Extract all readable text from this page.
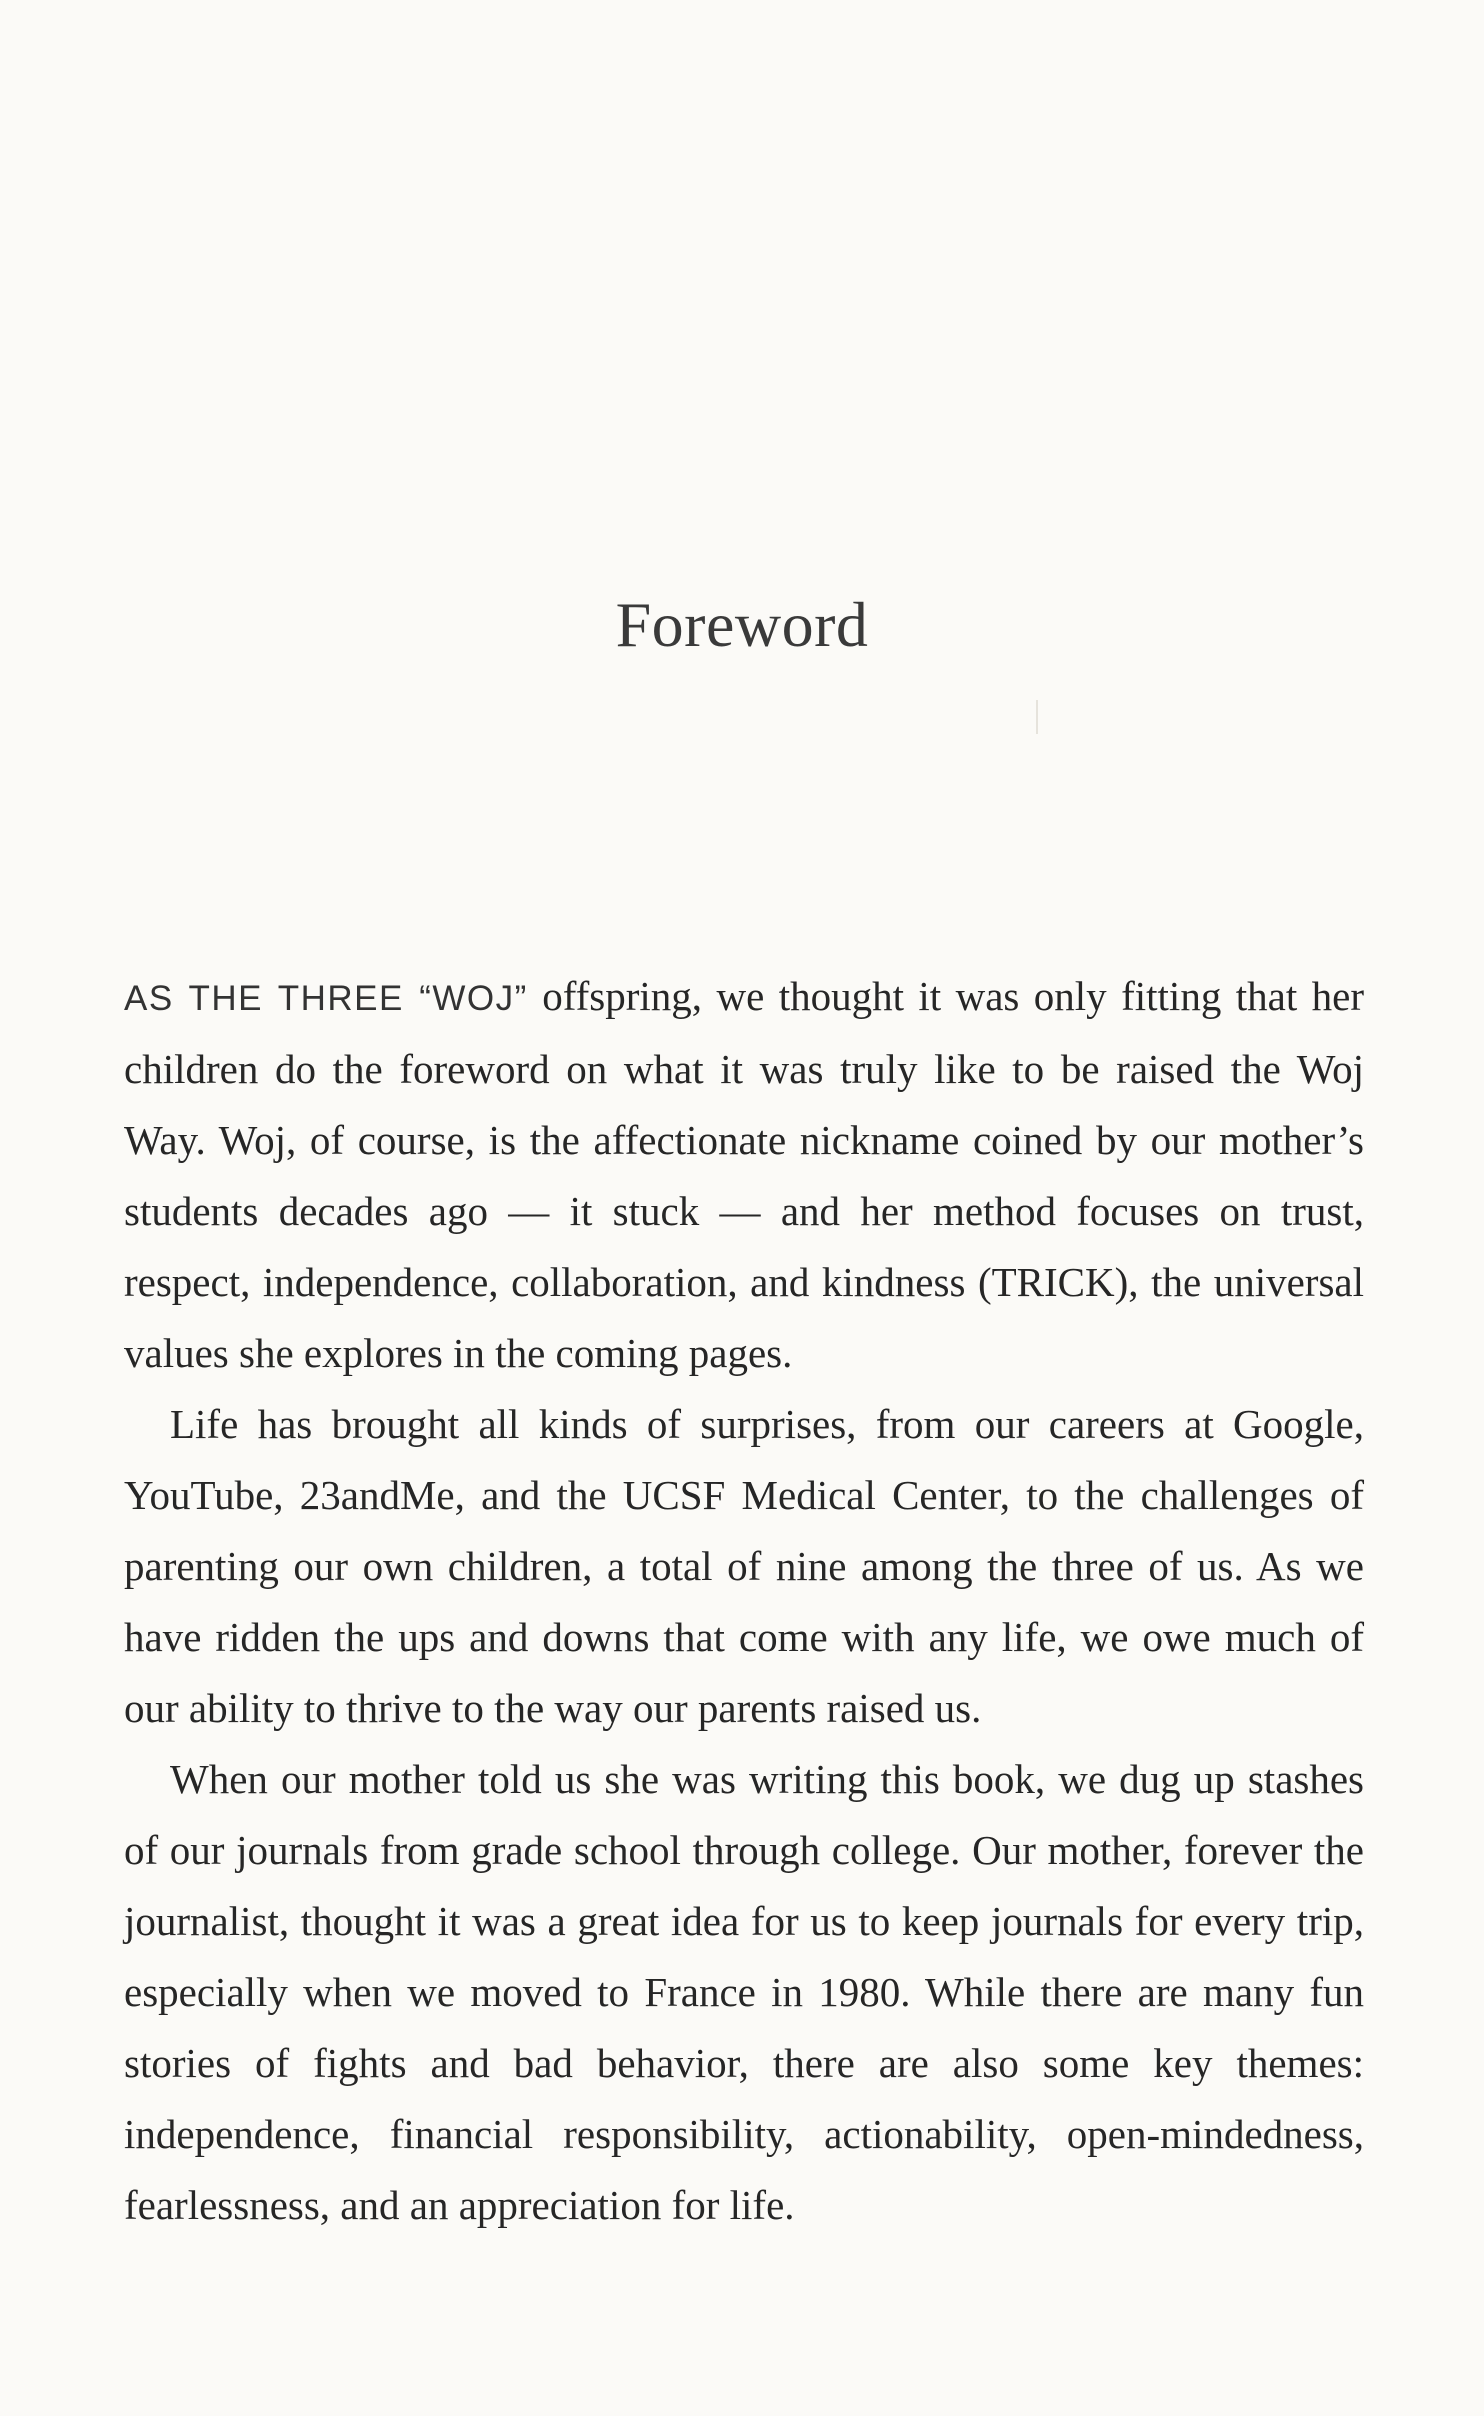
Foreword

AS THE THREE “WOJ” offspring, we thought it was only fitting that her children do the foreword on what it was truly like to be raised the Woj Way. Woj, of course, is the affectionate nickname coined by our mother’s students decades ago — it stuck — and her method focuses on trust, respect, independence, collaboration, and kindness (TRICK), the universal values she explores in the coming pages.

Life has brought all kinds of surprises, from our careers at Google, YouTube, 23andMe, and the UCSF Medical Center, to the challenges of parenting our own children, a total of nine among the three of us. As we have ridden the ups and downs that come with any life, we owe much of our ability to thrive to the way our parents raised us.

When our mother told us she was writing this book, we dug up stashes of our journals from grade school through college. Our mother, forever the journalist, thought it was a great idea for us to keep journals for every trip, especially when we moved to France in 1980. While there are many fun stories of fights and bad behavior, there are also some key themes: independence, financial responsibility, actionability, open-mindedness, fearlessness, and an appreciation for life.
